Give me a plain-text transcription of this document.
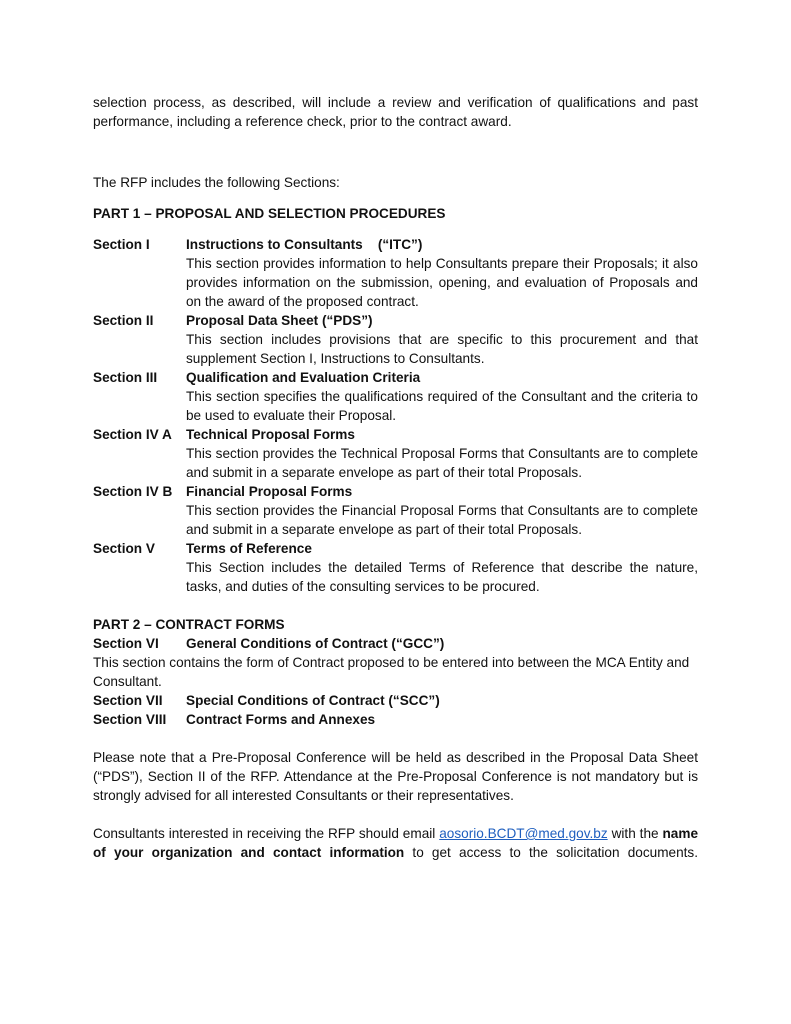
selection process, as described, will include a review and verification of qualifications and past performance, including a reference check, prior to the contract award.

The RFP includes the following Sections:

PART 1 – PROPOSAL AND SELECTION PROCEDURES

Section I	Instructions to Consultants    (“ITC”)
This section provides information to help Consultants prepare their Proposals; it also provides information on the submission, opening, and evaluation of Proposals and on the award of the proposed contract.
Section II	Proposal Data Sheet (“PDS”)
This section includes provisions that are specific to this procurement and that supplement Section I, Instructions to Consultants.
Section III	Qualification and Evaluation Criteria
This section specifies the qualifications required of the Consultant and the criteria to be used to evaluate their Proposal.
Section IV A	Technical Proposal Forms
This section provides the Technical Proposal Forms that Consultants are to complete and submit in a separate envelope as part of their total Proposals.
Section IV B	Financial Proposal Forms
This section provides the Financial Proposal Forms that Consultants are to complete and submit in a separate envelope as part of their total Proposals.
Section V	Terms of Reference
This Section includes the detailed Terms of Reference that describe the nature, tasks, and duties of the consulting services to be procured.

PART 2 – CONTRACT FORMS

Section VI	General Conditions of Contract (“GCC”)

This section contains the form of Contract proposed to be entered into between the MCA Entity and Consultant.

Section VII	Special Conditions of Contract (“SCC”)
Section VIII	Contract Forms and Annexes

Please note that a Pre-Proposal Conference will be held as described in the Proposal Data Sheet (“PDS”), Section II of the RFP. Attendance at the Pre-Proposal Conference is not mandatory but is strongly advised for all interested Consultants or their representatives.

Consultants interested in receiving the RFP should email aosorio.BCDT@med.gov.bz with the name of your organization and contact information to get access to the solicitation documents.
